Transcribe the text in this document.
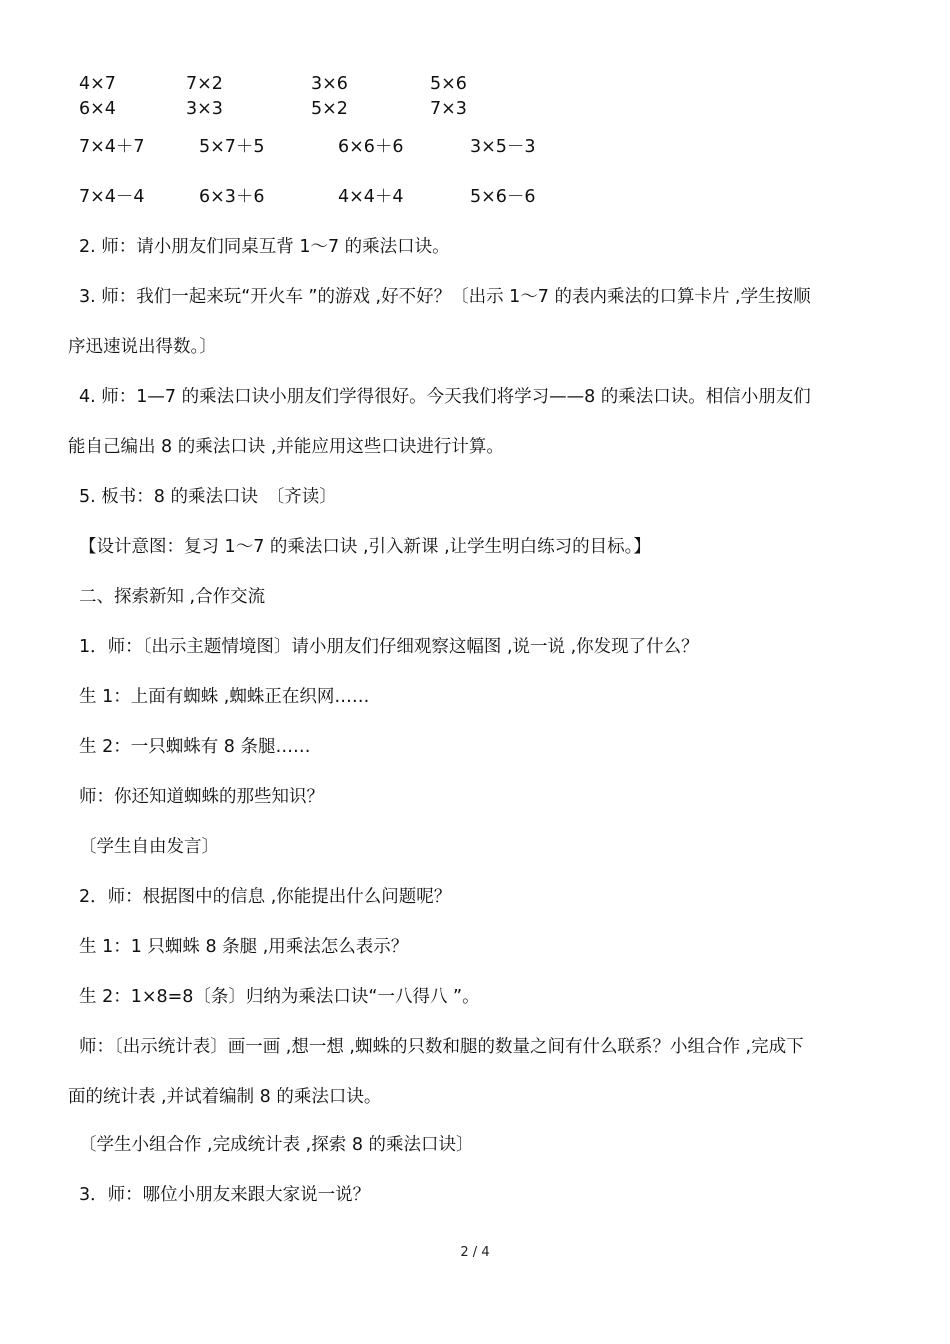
4×7	7×2	3×6	5×6
6×4	3×3	5×2	7×3
7×4＋7	5×7＋5	6×6＋6	3×5－3
7×4－4	6×3＋6	4×4＋4	5×6－6

2. 师：请小朋友们同桌互背 1～7 的乘法口诀。

3. 师：我们一起来玩“开火车 ”的游戏 ,好不好？〔出示 1～7 的表内乘法的口算卡片 ,学生按顺

序迅速说出得数。〕

4. 师：1—7 的乘法口诀小朋友们学得很好。今天我们将学习——8 的乘法口诀。相信小朋友们

能自己编出 8 的乘法口诀 ,并能应用这些口诀进行计算。

5. 板书：8 的乘法口诀　〔齐读〕

【设计意图：复习 1～7 的乘法口诀 ,引入新课 ,让学生明白练习的目标。】

二、探索新知 ,合作交流

1．师：〔出示主题情境图〕请小朋友们仔细观察这幅图 ,说一说 ,你发现了什么？

生 1：上面有蜘蛛 ,蜘蛛正在织网……

生 2：一只蜘蛛有 8 条腿……

师：你还知道蜘蛛的那些知识？

〔学生自由发言〕

2．师：根据图中的信息 ,你能提出什么问题呢？

生 1：1 只蜘蛛 8 条腿 ,用乘法怎么表示？

生 2：1×8=8〔条〕归纳为乘法口诀“一八得八 ”。

师：〔出示统计表〕画一画 ,想一想 ,蜘蛛的只数和腿的数量之间有什么联系？小组合作 ,完成下

面的统计表 ,并试着编制 8 的乘法口诀。

〔学生小组合作 ,完成统计表 ,探索 8 的乘法口诀〕

3．师：哪位小朋友来跟大家说一说？

2 / 4
